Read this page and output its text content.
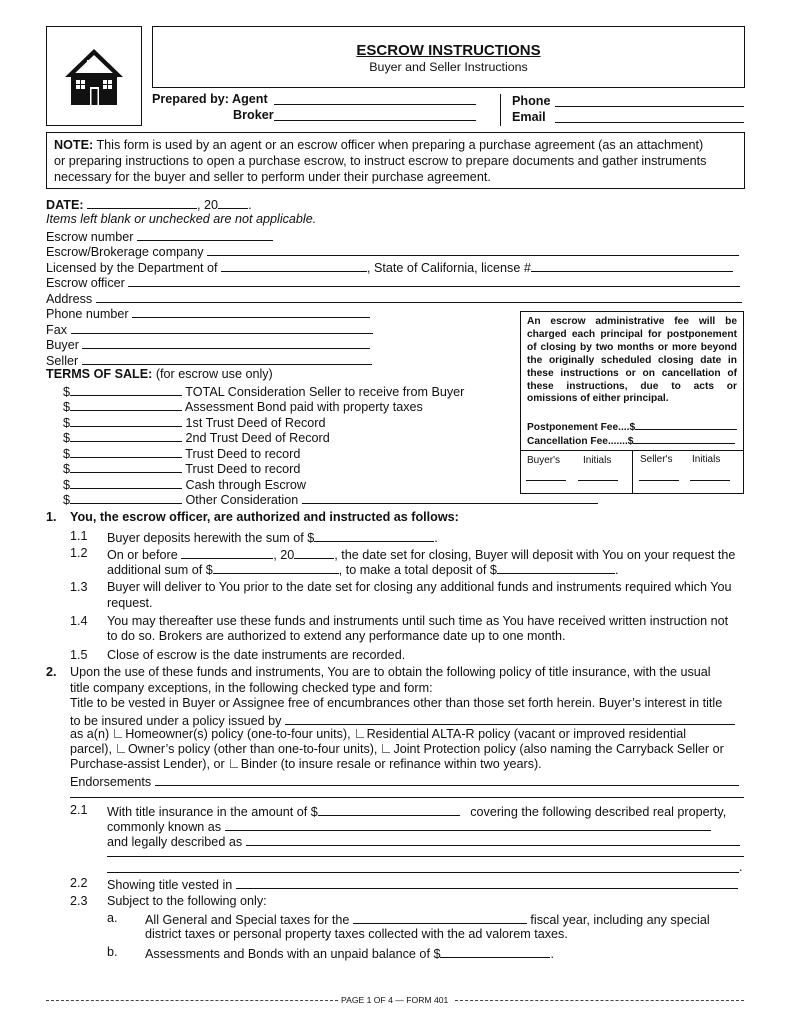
ESCROW INSTRUCTIONS
Buyer and Seller Instructions
Prepared by: Agent
Broker
Phone
Email
NOTE: This form is used by an agent or an escrow officer when preparing a purchase agreement (as an attachment)
or preparing instructions to open a purchase escrow, to instruct escrow to prepare documents and gather instruments
necessary for the buyer and seller to perform under their purchase agreement.
DATE:	, 20 .
Items left blank or unchecked are not applicable.
Escrow number
Escrow/Brokerage company
Licensed by the Department of	, State of California, license #
Escrow officer
Address
Phone number
Fax
Buyer
Seller
An escrow administrative fee will be charged each principal for postponement of closing by two months or more beyond the originally scheduled closing date in these instructions or on cancellation of these instructions, due to acts or omissions of either principal.
Postponement Fee....$
Cancellation Fee.......$
Buyer's Initials	Seller's Initials
TERMS OF SALE: (for escrow use only)
$	TOTAL Consideration Seller to receive from Buyer
$	Assessment Bond paid with property taxes
$	1st Trust Deed of Record
$	2nd Trust Deed of Record
$	Trust Deed to record
$	Trust Deed to record
$	Cash through Escrow
$	Other Consideration
1. You, the escrow officer, are authorized and instructed as follows:
1.1 Buyer deposits herewith the sum of $	.
1.2 On or before	, 20	, the date set for closing, Buyer will deposit with You on your request the
additional sum of $	, to make a total deposit of $	.
1.3 Buyer will deliver to You prior to the date set for closing any additional funds and instruments required which You
request.
1.4 You may thereafter use these funds and instruments until such time as You have received written instruction not
to do so. Brokers are authorized to extend any performance date up to one month.
1.5 Close of escrow is the date instruments are recorded.
2. Upon the use of these funds and instruments, You are to obtain the following policy of title insurance, with the usual
title company exceptions, in the following checked type and form:
Title to be vested in Buyer or Assignee free of encumbrances other than those set forth herein. Buyer’s interest in title
to be insured under a policy issued by
as a(n) Homeowner(s) policy (one-to-four units), Residential ALTA-R policy (vacant or improved residential
parcel), Owner’s policy (other than one-to-four units), Joint Protection policy (also naming the Carryback Seller or
Purchase-assist Lender), or Binder (to insure resale or refinance within two years).
Endorsements
2.1 With title insurance in the amount of $	covering the following described real property,
commonly known as
and legally described as
.
2.2 Showing title vested in
2.3 Subject to the following only:
a. All General and Special taxes for the	fiscal year, including any special
district taxes or personal property taxes collected with the ad valorem taxes.
b. Assessments and Bonds with an unpaid balance of $	.
PAGE 1 OF 4 — FORM 401
